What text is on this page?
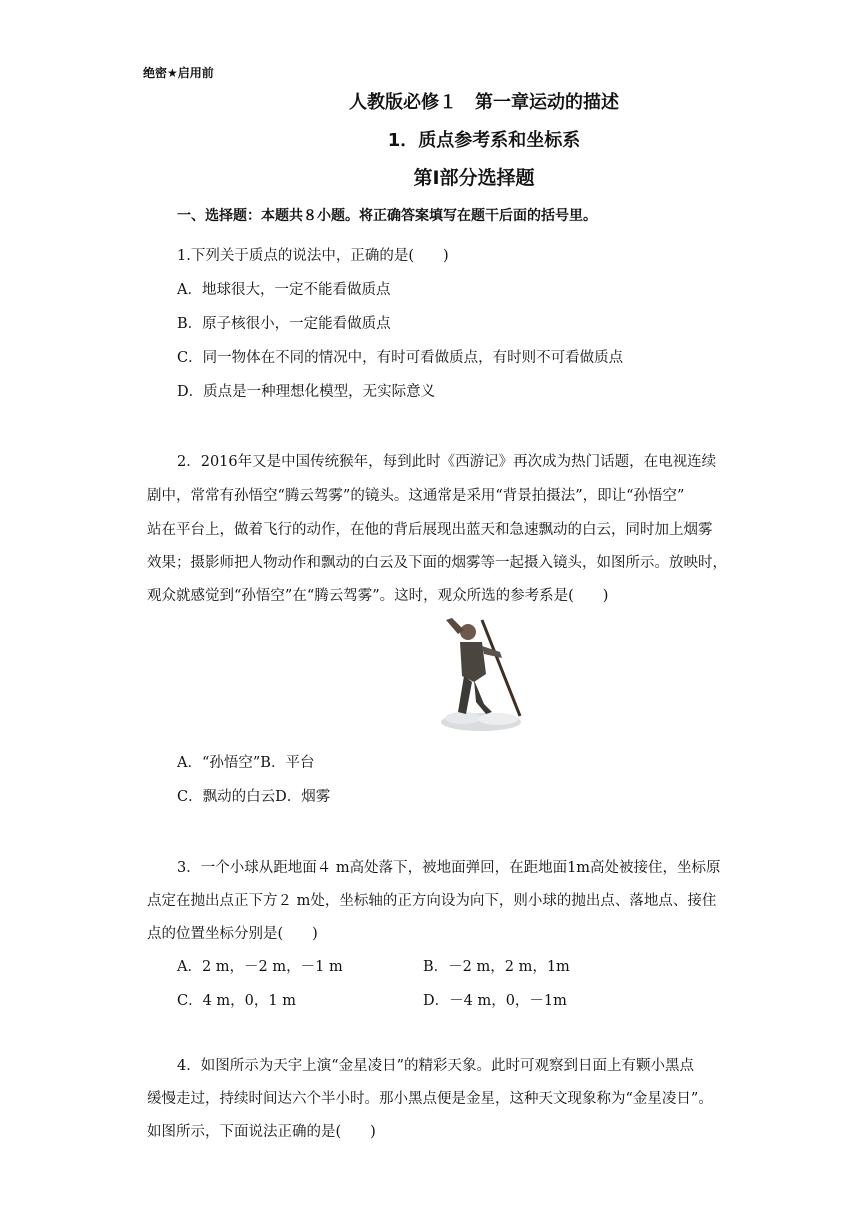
绝密★启用前
人教版必修１　第一章运动的描述
1．质点参考系和坐标系
第Ⅰ部分选择题
一、选择题：本题共８小题。将正确答案填写在题干后面的括号里。
1.下列关于质点的说法中，正确的是(　　)
A．地球很大，一定不能看做质点
B．原子核很小，一定能看做质点
C．同一物体在不同的情况中，有时可看做质点，有时则不可看做质点
D．质点是一种理想化模型，无实际意义
2．2016年又是中国传统猴年，每到此时《西游记》再次成为热门话题，在电视连续
剧中，常常有孙悟空“腾云驾雾”的镜头。这通常是采用“背景拍摄法”，即让“孙悟空”
站在平台上，做着飞行的动作，在他的背后展现出蓝天和急速飘动的白云，同时加上烟雾
效果；摄影师把人物动作和飘动的白云及下面的烟雾等一起摄入镜头，如图所示。放映时，
观众就感觉到“孙悟空”在“腾云驾雾”。这时，观众所选的参考系是(　　)
A．“孙悟空”B．平台
C．飘动的白云D．烟雾
3．一个小球从距地面４ m高处落下，被地面弹回，在距地面1m高处被接住，坐标原
点定在抛出点正下方２ m处，坐标轴的正方向设为向下，则小球的抛出点、落地点、接住
点的位置坐标分别是(　　)
A．2 m，－2 m，－1 m	B．－2 m，2 m，1m
C．4 m，0，1 m	D．－4 m，0，－1m
4．如图所示为天宇上演“金星凌日”的精彩天象。此时可观察到日面上有颗小黑点
缓慢走过，持续时间达六个半小时。那小黑点便是金星，这种天文现象称为“金星凌日”。
如图所示，下面说法正确的是(　　)
